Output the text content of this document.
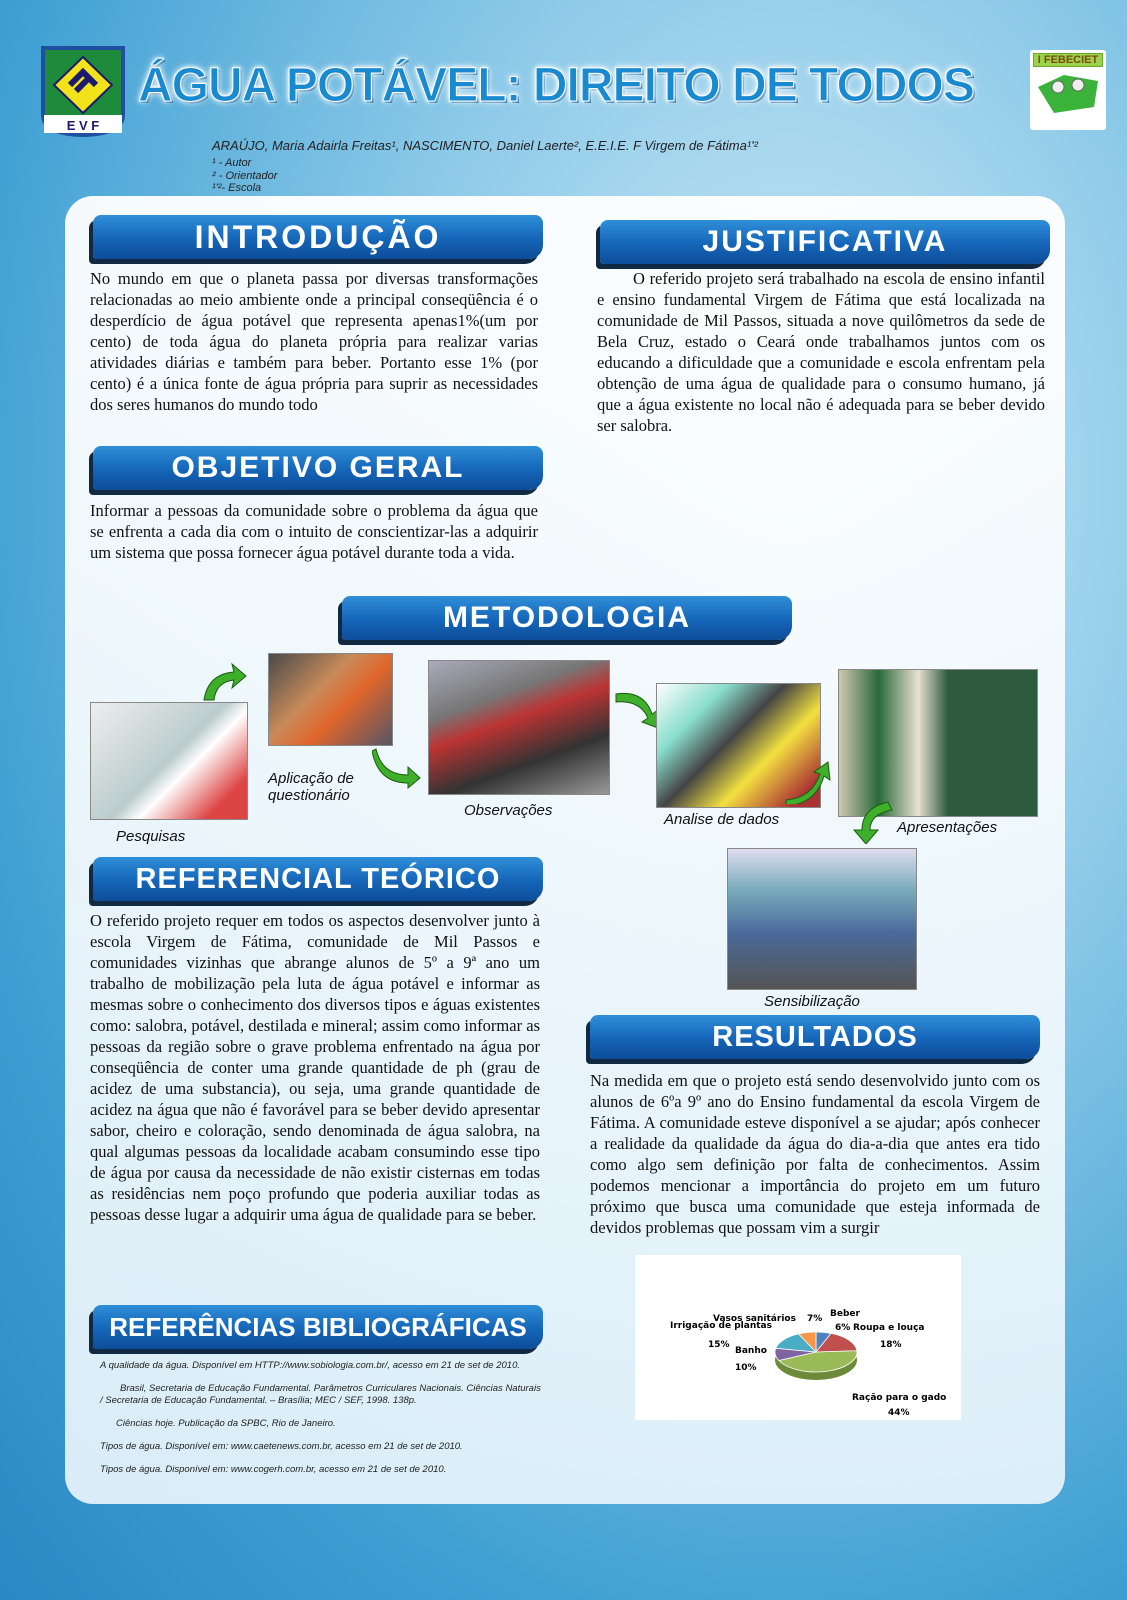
E V F
ÁGUA POTÁVEL: DIREITO DE TODOS	I FEBECIET
ARAÚJO, Maria Adairla Freitas¹, NASCIMENTO, Daniel Laerte², E.E.I.E. F Virgem de Fátima¹'²
¹ - Autor
² - Orientador
¹'²- Escola
INTRODUÇÃO
No mundo em que o planeta passa por diversas transformações relacionadas ao meio ambiente onde a principal conseqüência é o desperdício de água potável que representa apenas1%(um por cento) de toda água do planeta própria para realizar varias atividades diárias e também para beber. Portanto esse 1% (por cento) é a única fonte de água própria para suprir as necessidades dos seres humanos do mundo todo
OBJETIVO GERAL
Informar a pessoas da comunidade sobre o problema da água que se enfrenta a cada dia com o intuito de conscientizar-las a adquirir um sistema que possa fornecer água potável durante toda a vida.
JUSTIFICATIVA
O referido projeto será trabalhado na escola de ensino infantil e ensino fundamental Virgem de Fátima que está localizada na comunidade de Mil Passos, situada a nove quilômetros da sede de Bela Cruz, estado o Ceará onde trabalhamos juntos com os educando a dificuldade que a comunidade e escola enfrentam pela obtenção de uma água de qualidade para o consumo humano, já que a água existente no local não é adequada para se beber devido ser salobra.
METODOLOGIA
Pesquisas
Aplicação de questionário
Observações
Analise de dados	Apresentações
Sensibilização
REFERENCIAL TEÓRICO
O referido projeto requer em todos os aspectos desenvolver junto à escola Virgem de Fátima, comunidade de Mil Passos e comunidades vizinhas que abrange alunos de 5º a 9ª ano um trabalho de mobilização pela luta de água potável e informar as mesmas sobre o conhecimento dos diversos tipos e águas existentes como: salobra, potável, destilada e mineral; assim como informar as pessoas da região sobre o grave problema enfrentado na água por conseqüência de conter uma grande quantidade de ph (grau de acidez de uma substancia), ou seja, uma grande quantidade de acidez na água que não é favorável para se beber devido apresentar sabor, cheiro e coloração, sendo denominada de água salobra, na qual algumas pessoas da localidade acabam consumindo esse tipo de água por causa da necessidade de não existir cisternas em todas as residências nem poço profundo que poderia auxiliar todas as pessoas desse lugar a adquirir uma água de qualidade para se beber.
RESULTADOS
Na medida em que o projeto está sendo desenvolvido junto com os alunos de 6ºa 9º ano do Ensino fundamental da escola Virgem de Fátima. A comunidade esteve disponível a se ajudar; após conhecer a realidade da qualidade da água do dia-a-dia que antes era tido como algo sem definição por falta de conhecimentos. Assim podemos mencionar a importância do projeto em um futuro próximo que busca uma comunidade que esteja informada de devidos problemas que possam vim a surgir
Beber
6% Roupa e louça
18%
Ração para o gado
44%
Banho
10%
Irrigação de plantas
15%
Vasos sanitários 7%
REFERÊNCIAS BIBLIOGRÁFICAS

A qualidade da água. Disponível em HTTP://www.sobiologia.com.br/, acesso em 21 de set de 2010.

Brasil, Secretaria de Educação Fundamental. Parâmetros Curriculares Nacionais. Ciências Naturais / Secretaria de Educação Fundamental. – Brasília; MEC / SEF, 1998. 138p.

Ciências hoje. Publicação da SPBC, Rio de Janeiro.

Tipos de água. Disponível em: www.caetenews.com.br, acesso em 21 de set de 2010.

Tipos de água. Disponível em: www.cogerh.com.br, acesso em 21 de set de 2010.
